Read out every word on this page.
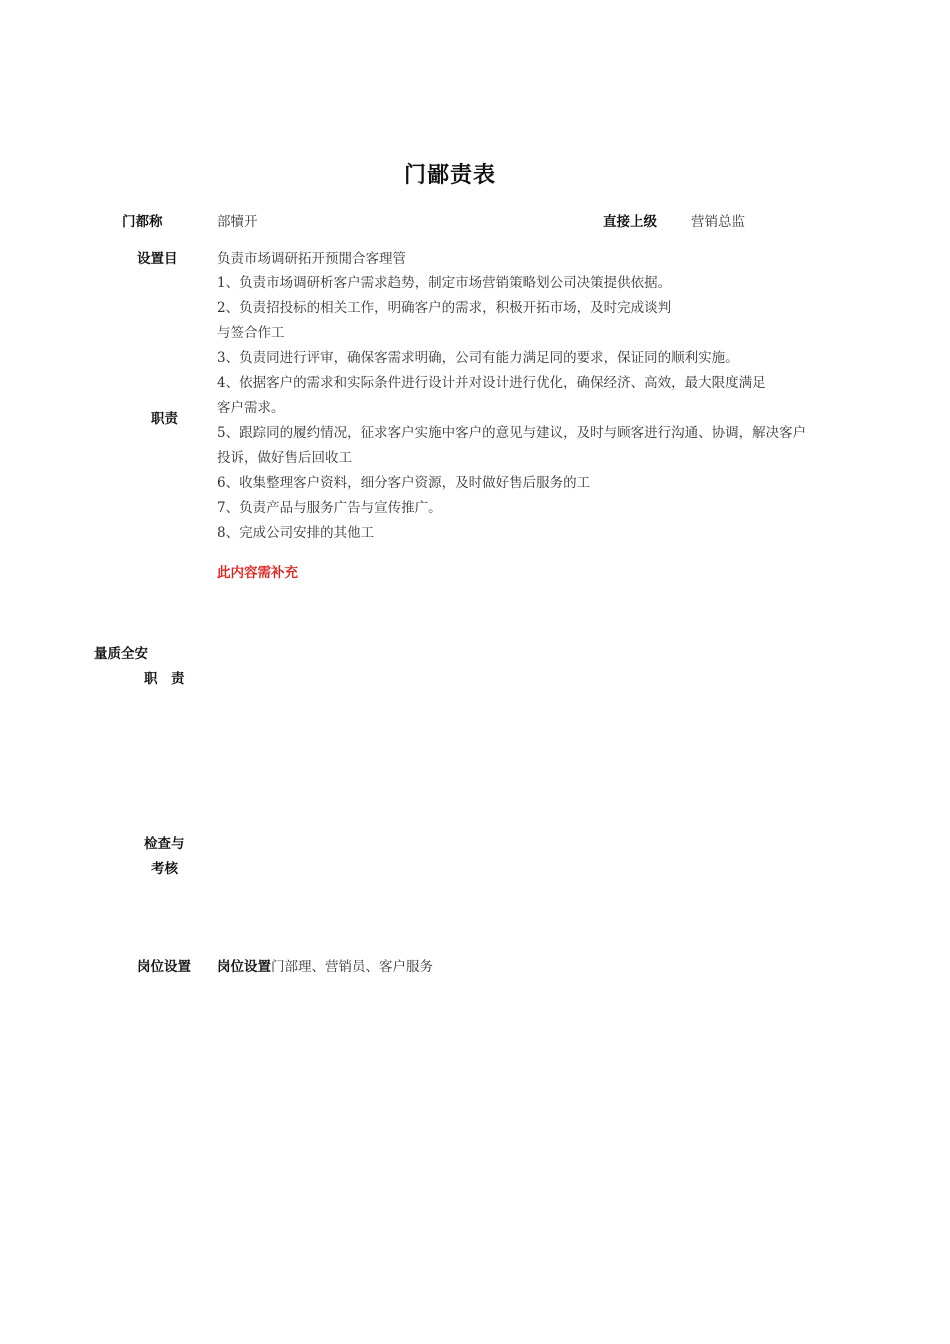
门鄙责表
门都称	部犢开	直接上级	营销总监
设置目	负责市场调研拓开预閒合客理管
职责
1、负责市场调研析客户需求趋势，制定市场营销策略划公司决策提供依据。
2、负责招投标的相关工作，明确客户的需求，积极开拓市场，及时完成谈判
与签合作工
3、负责同进行评审，确保客需求明确，公司有能力满足同的要求，保证同的顺利实施。
4、依据客户的需求和实际条件进行设计并对设计进行优化，确保经济、高效，最大限度满足
客户需求。
5、跟踪同的履约情况，征求客户实施中客户的意见与建议，及时与顾客进行沟通、协调，解决客户
投诉，做好售后回收工
6、收集整理客户资料，细分客户资源，及时做好售后服务的工
7、负责产品与服务广告与宣传推广。
8、完成公司安排的其他工
此内容需补充
量质全安
职　责
检查与
考核
岗位设置 岗位设置门部理、营销员、客户服务
